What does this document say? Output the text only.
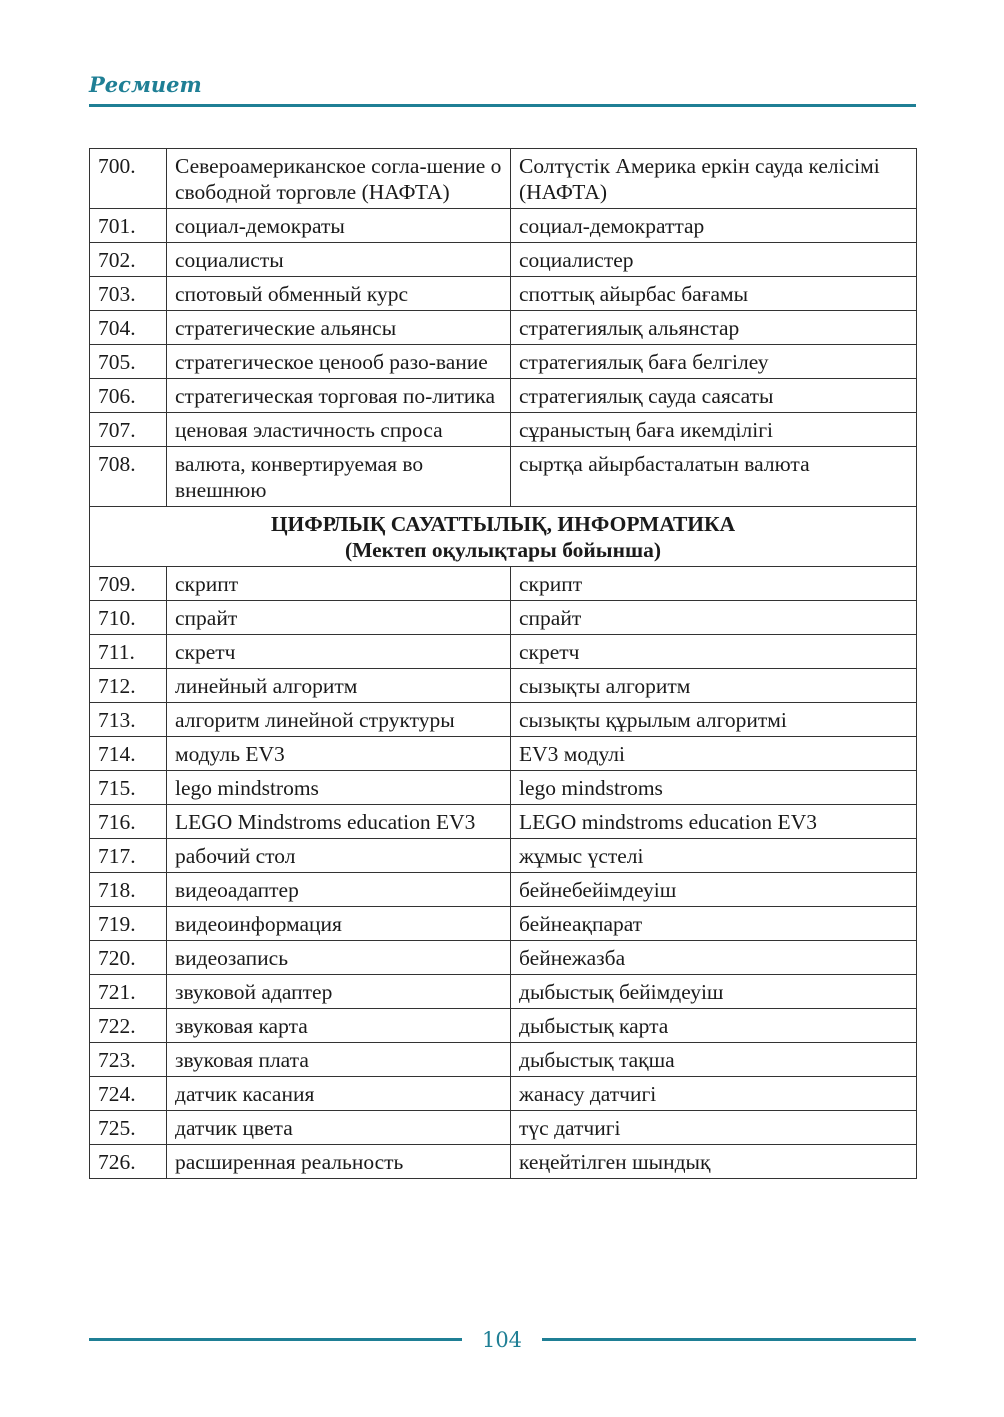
Ресмиет
700.	Североамериканское согла-шение о свободной торговле (НАФТА)	Солтүстік Америка еркін сауда келісімі (НАФТА)
701.	социал-демократы	социал-демократтар
702.	социалисты	социалистер
703.	спотовый обменный курс	споттық айырбас бағамы
704.	стратегические альянсы	стратегиялық альянстар
705.	стратегическое ценооб разо-вание	стратегиялық баға белгілеу
706.	стратегическая торговая по-литика	стратегиялық сауда саясаты
707.	ценовая эластичность спроса	сұраныстың баға икемділігі
708.	валюта, конвертируемая во внешнюю	сыртқа айырбасталатын валюта

ЦИФРЛЫҚ САУАТТЫЛЫҚ, ИНФОРМАТИКА
(Мектеп оқулықтары бойынша)		

709.	скрипт	скрипт
710.	спрайт	спрайт
711.	скретч	скретч
712.	линейный алгоритм	сызықты алгоритм
713.	алгоритм линейной структуры	сызықты құрылым алгоритмі
714.	модуль EV3	EV3 модулі
715.	lego mindstroms	lego mindstroms
716.	LEGO Mindstroms education EV3	LEGO mindstroms education EV3
717.	рабочий стол	жұмыс үстелі
718.	видеоадаптер	бейнебейімдеуіш
719.	видеоинформация	бейнеақпарат
720.	видеозапись	бейнежазба
721.	звуковой адаптер	дыбыстық бейімдеуіш
722.	звуковая карта	дыбыстық карта
723.	звуковая плата	дыбыстық тақша
724.	датчик касания	жанасу датчигі
725.	датчик цвета	түс датчигі
726.	расширенная реальность	кеңейтілген шындық
104
